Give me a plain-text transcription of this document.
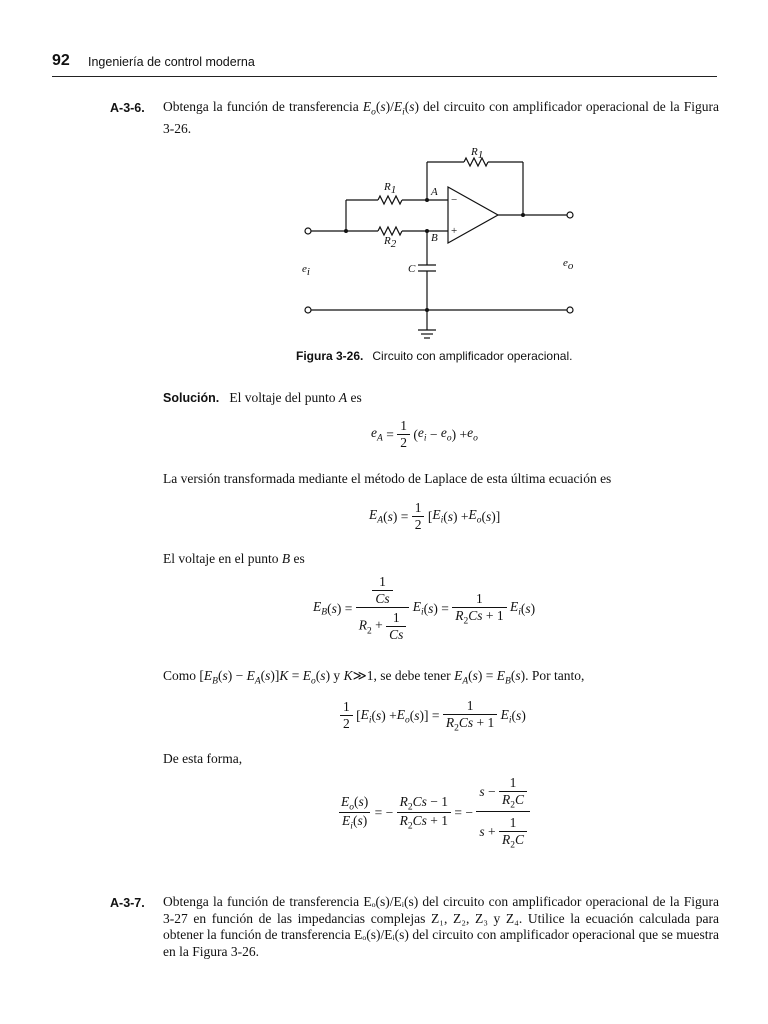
92 Ingeniería de control moderna
A-3-6. Obtenga la función de transferencia $E_o(s)/E_i(s)$ del circuito con amplificador operacional de la Figura 3-26.
R1
R1
R2
A
B
C
ei
eo
−
+
Figura 3-26. Circuito con amplificador operacional.
Solución. El voltaje del punto A es
$e_A = \frac{1}{2}$ ( $e_i - e_o$ ) + $e_o$
La versión transformada mediante el método de Laplace de esta última ecuación es
$E_A$ ( s ) = $\frac{1}{2}$ [ $E_i$ ( s ) + $E_o$ ( s )]
El voltaje en el punto B es
$E_B$ ( s ) = $\frac{\frac{1}{Cs}}{R_2 + \frac{1}{Cs}}$
$E_i$ ( s ) = $\frac{1}{R_2Cs + 1}$
$E_i$ ( s )
Como $[E_B(s) - E_A(s)]K = E_o(s)$ y K≫1, se debe tener $E_A(s) = E_B(s)$. Por tanto,
$\frac{1}{2}$ [ $E_i$ ( s ) + $E_o$ ( s )] = $\frac{1}{R_2Cs + 1}$
$E_i$ ( s )
De esta forma,
$\frac{E_o(s)}{E_i(s)}$ = − $\frac{R_2Cs - 1}{R_2Cs + 1}$ = − $\frac{s - \frac{1}{R_2C}}{s + \frac{1}{R_2C}}$
A-3-7. Obtenga la función de transferencia Eₒ(s)/Eᵢ(s) del circuito con amplificador operacional de la Figura 3-27 en función de las impedancias complejas Z₁, Z₂, Z₃ y Z₄. Utilice la ecuación calculada para obtener la función de transferencia Eₒ(s)/Eᵢ(s) del circuito con amplificador operacional que se muestra en la Figura 3-26.
